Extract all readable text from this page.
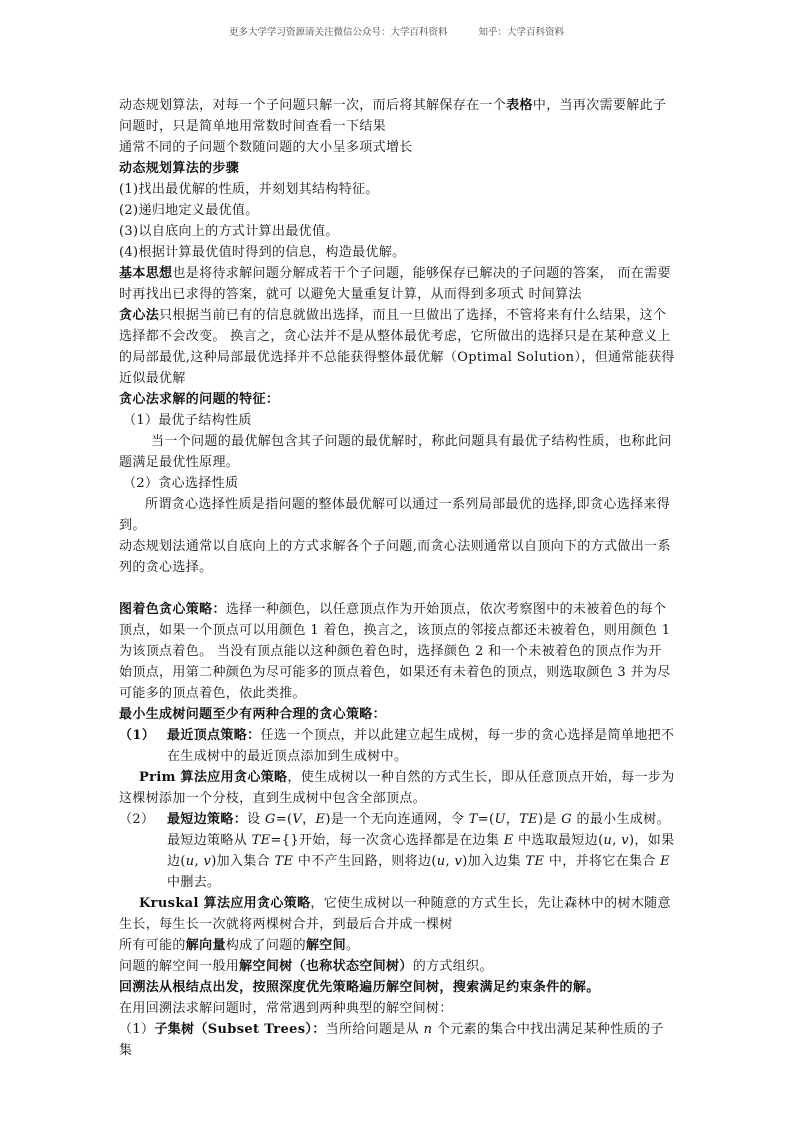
更多大学学习资源请关注微信公众号：大学百科资料	知乎：大学百科资料

动态规划算法，对每一个子问题只解一次，而后将其解保存在一个表格中，当再次需要解此子问题时，只是简单地用常数时间查看一下结果

通常不同的子问题个数随问题的大小呈多项式增长

动态规划算法的步骤

(1)找出最优解的性质，并刻划其结构特征。

(2)递归地定义最优值。

(3)以自底向上的方式计算出最优值。

(4)根据计算最优值时得到的信息，构造最优解。

基本思想也是将待求解问题分解成若干个子问题，能够保存已解决的子问题的答案， 而在需要时再找出已求得的答案，就可 以避免大量重复计算，从而得到多项式 时间算法

贪心法只根据当前已有的信息就做出选择，而且一旦做出了选择，不管将来有什么结果，这个选择都不会改变。 换言之，贪心法并不是从整体最优考虑，它所做出的选择只是在某种意义上的局部最优,这种局部最优选择并不总能获得整体最优解（Optimal Solution），但通常能获得近似最优解

贪心法求解的问题的特征：

（1）最优子结构性质

当一个问题的最优解包含其子问题的最优解时，称此问题具有最优子结构性质，也称此问题满足最优性原理。

（2）贪心选择性质

所谓贪心选择性质是指问题的整体最优解可以通过一系列局部最优的选择,即贪心选择来得到。

动态规划法通常以自底向上的方式求解各个子问题,而贪心法则通常以自顶向下的方式做出一系列的贪心选择。

图着色贪心策略：选择一种颜色，以任意顶点作为开始顶点，依次考察图中的未被着色的每个顶点，如果一个顶点可以用颜色 1 着色，换言之，该顶点的邻接点都还未被着色，则用颜色 1 为该顶点着色。 当没有顶点能以这种颜色着色时，选择颜色 2 和一个未被着色的顶点作为开始顶点，用第二种颜色为尽可能多的顶点着色，如果还有未着色的顶点，则选取颜色 3 并为尽可能多的顶点着色，依此类推。

最小生成树问题至少有两种合理的贪心策略：

（1） 最近顶点策略：任选一个顶点，并以此建立起生成树，每一步的贪心选择是简单地把不在生成树中的最近顶点添加到生成树中。

Prim 算法应用贪心策略，使生成树以一种自然的方式生长，即从任意顶点开始，每一步为这棵树添加一个分枝，直到生成树中包含全部顶点。

（2） 最短边策略：设 G=(V，E)是一个无向连通网，令 T=(U，TE)是 G 的最小生成树。最短边策略从 TE={}开始，每一次贪心选择都是在边集 E 中选取最短边(u, v)，如果边(u, v)加入集合 TE 中不产生回路，则将边(u, v)加入边集 TE 中，并将它在集合 E 中删去。

Kruskal 算法应用贪心策略，它使生成树以一种随意的方式生长，先让森林中的树木随意生长，每生长一次就将两棵树合并，到最后合并成一棵树

所有可能的解向量构成了问题的解空间。

问题的解空间一般用解空间树（也称状态空间树）的方式组织。

回溯法从根结点出发，按照深度优先策略遍历解空间树，搜索满足约束条件的解。

在用回溯法求解问题时，常常遇到两种典型的解空间树：

（1）子集树（Subset Trees）：当所给问题是从 n 个元素的集合中找出满足某种性质的子集
